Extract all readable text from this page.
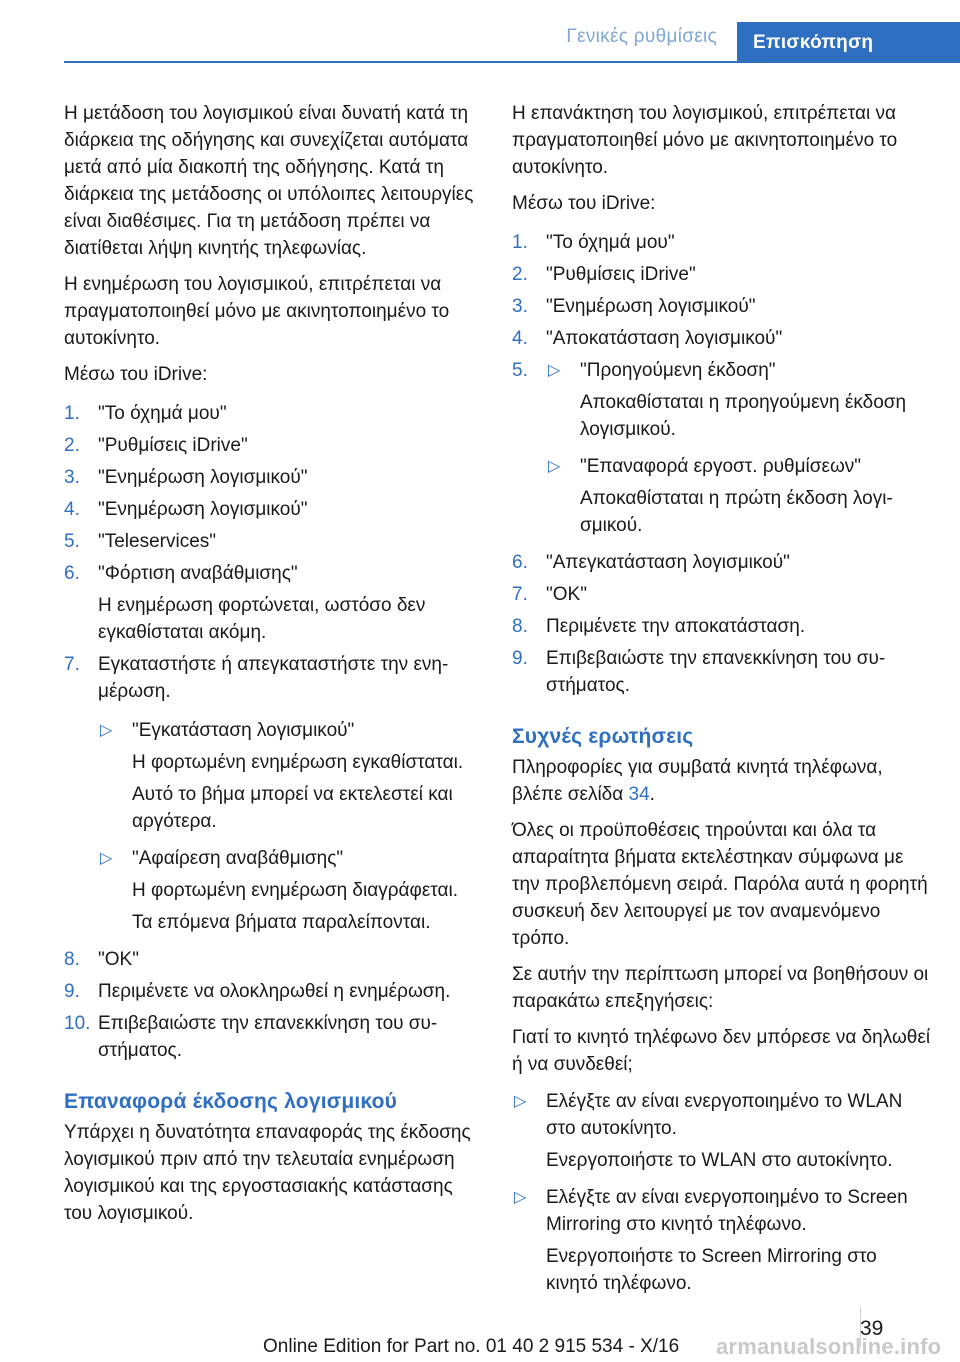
Γενικές ρυθμίσεις	Επισκόπηση

Η μετάδοση του λογισμικού είναι δυνατή κατά τη διάρκεια της οδήγησης και συνεχίζεται αυτόματα μετά από μία διακοπή της οδήγησης. Κατά τη διάρκεια της μετάδοσης οι υπόλοιπες λειτουργίες είναι διαθέσιμες. Για τη μετάδοση πρέπει να διατίθεται λήψη κινητής τηλεφωνίας.

Η ενημέρωση του λογισμικού, επιτρέπεται να πραγματοποιηθεί μόνο με ακινητοποιημένο το αυτοκίνητο.

Μέσω του iDrive:

1. "Το όχημά μου"
2. "Ρυθμίσεις iDrive"
3. "Ενημέρωση λογισμικού"
4. "Ενημέρωση λογισμικού"
5. "Teleservices"
6. "Φόρτιση αναβάθμισης"
Η ενημέρωση φορτώνεται, ωστόσο δεν εγκαθίσταται ακόμη.
7. Εγκαταστήστε ή απεγκαταστήστε την ενημέρωση.
▷ "Εγκατάσταση λογισμικού"
Η φορτωμένη ενημέρωση εγκαθίσταται.
Αυτό το βήμα μπορεί να εκτελεστεί και αργότερα.
▷ "Αφαίρεση αναβάθμισης"
Η φορτωμένη ενημέρωση διαγράφεται.
Τα επόμενα βήματα παραλείπονται.
8. "OK"
9. Περιμένετε να ολοκληρωθεί η ενημέρωση.
10. Επιβεβαιώστε την επανεκκίνηση του συστήματος.
Επαναφορά έκδοσης λογισμικού

Υπάρχει η δυνατότητα επαναφοράς της έκδοσης λογισμικού πριν από την τελευταία ενημέρωση λογισμικού και της εργοστασιακής κατάστασης του λογισμικού.

Η επανάκτηση του λογισμικού, επιτρέπεται να πραγματοποιηθεί μόνο με ακινητοποιημένο το αυτοκίνητο.

Μέσω του iDrive:

1. "Το όχημά μου"
2. "Ρυθμίσεις iDrive"
3. "Ενημέρωση λογισμικού"
4. "Αποκατάσταση λογισμικού"
5. ▷ "Προηγούμενη έκδοση"
Αποκαθίσταται η προηγούμενη έκδοση λογισμικού.
▷ "Επαναφορά εργοστ. ρυθμίσεων"
Αποκαθίσταται η πρώτη έκδοση λογισμικού.
6. "Απεγκατάσταση λογισμικού"
7. "OK"
8. Περιμένετε την αποκατάσταση.
9. Επιβεβαιώστε την επανεκκίνηση του συστήματος.
Συχνές ερωτήσεις

Πληροφορίες για συμβατά κινητά τηλέφωνα, βλέπε σελίδα 34.

Όλες οι προϋποθέσεις τηρούνται και όλα τα απαραίτητα βήματα εκτελέστηκαν σύμφωνα με την προβλεπόμενη σειρά. Παρόλα αυτά η φορητή συσκευή δεν λειτουργεί με τον αναμενόμενο τρόπο.

Σε αυτήν την περίπτωση μπορεί να βοηθήσουν οι παρακάτω επεξηγήσεις:

Γιατί το κινητό τηλέφωνο δεν μπόρεσε να δηλωθεί ή να συνδεθεί;

▷ Ελέγξτε αν είναι ενεργοποιημένο το WLAN στο αυτοκίνητο.
Ενεργοποιήστε το WLAN στο αυτοκίνητο.
▷ Ελέγξτε αν είναι ενεργοποιημένο το Screen Mirroring στο κινητό τηλέφωνο.
Ενεργοποιήστε το Screen Mirroring στο κινητό τηλέφωνο.
39
Online Edition for Part no. 01 40 2 915 534 - X/16 armanualsonline.info
